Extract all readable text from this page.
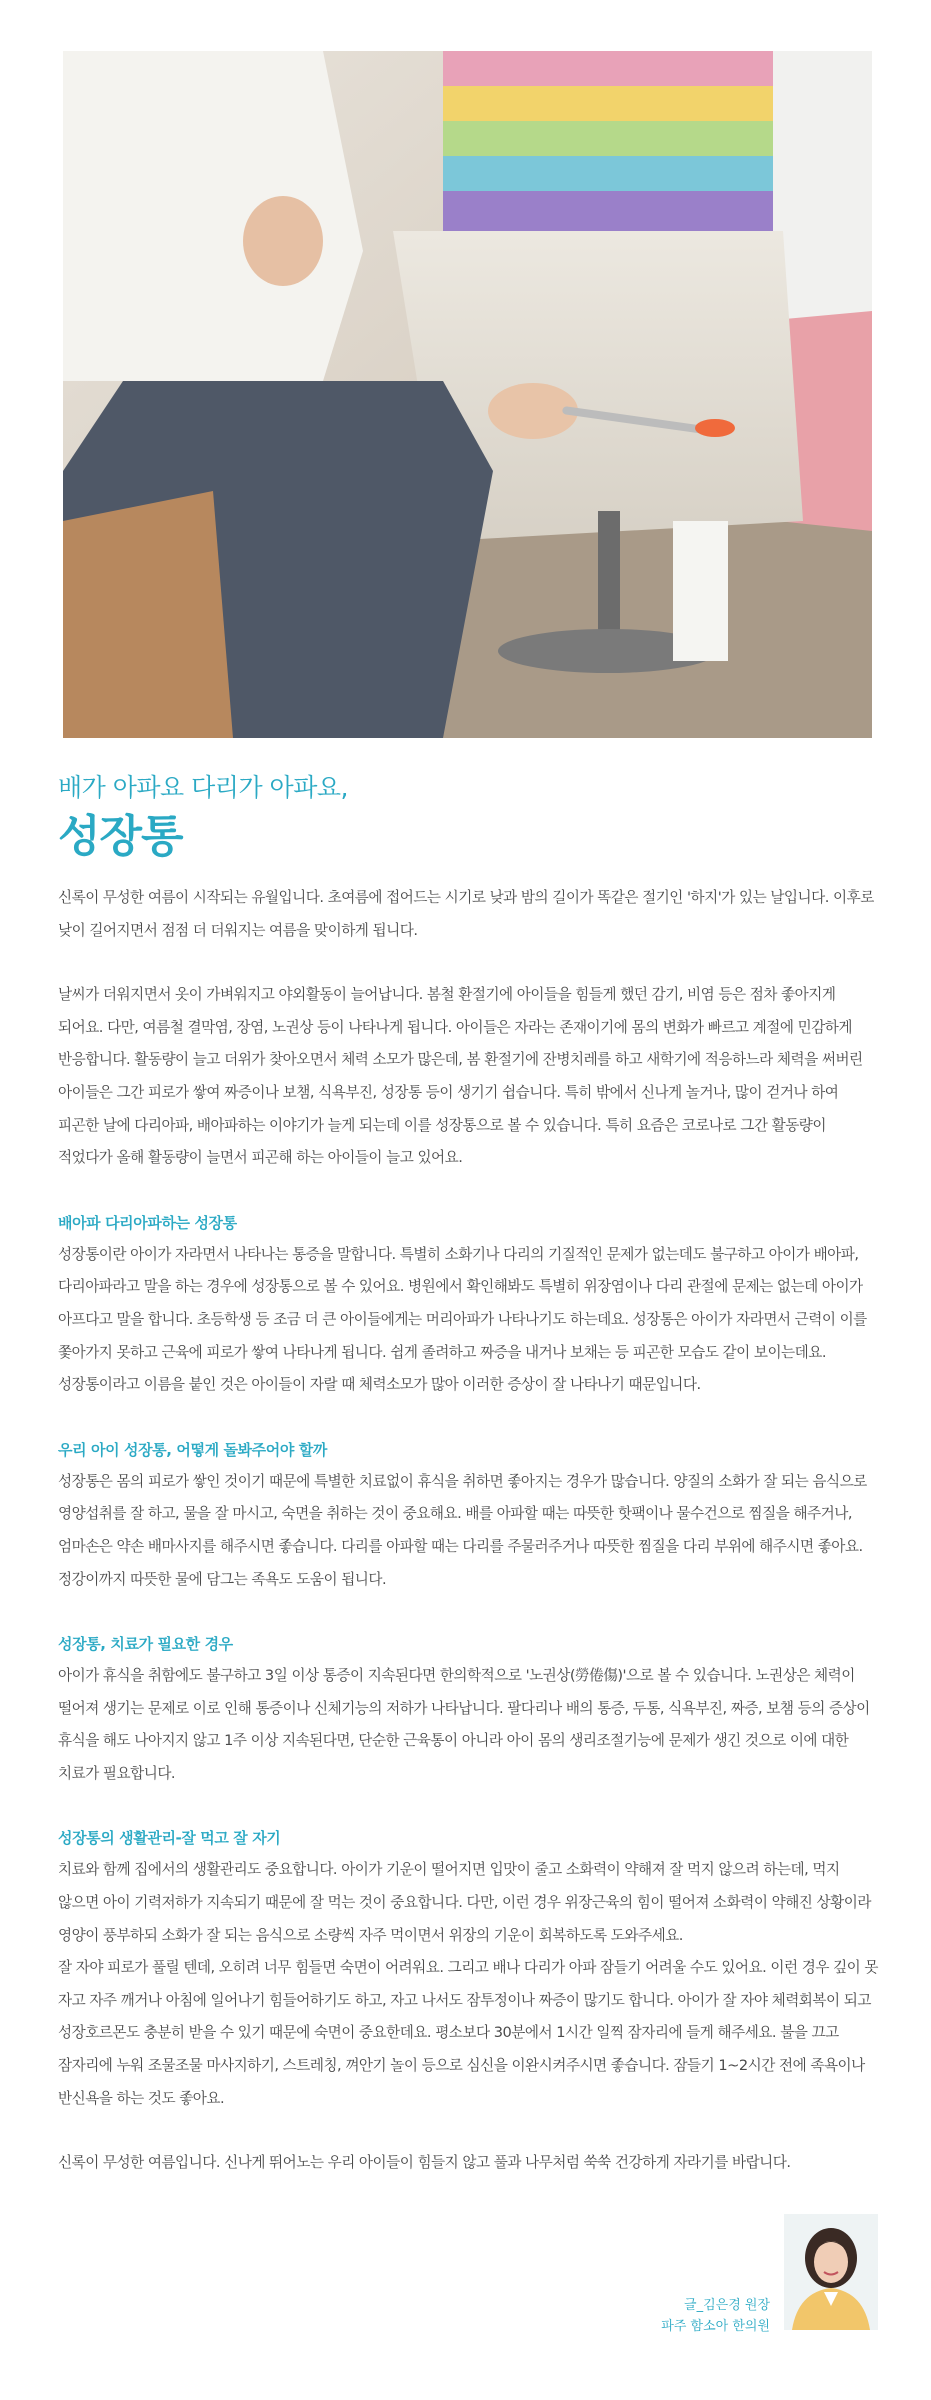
배가 아파요 다리가 아파요,

성장통

신록이 무성한 여름이 시작되는 유월입니다. 초여름에 접어드는 시기로 낮과 밤의 길이가 똑같은 절기인 '하지'가 있는 날입니다. 이후로 낮이 길어지면서 점점 더 더워지는 여름을 맞이하게 됩니다.

날씨가 더워지면서 옷이 가벼워지고 야외활동이 늘어납니다. 봄철 환절기에 아이들을 힘들게 했던 감기, 비염 등은 점차 좋아지게 되어요. 다만, 여름철 결막염, 장염, 노권상 등이 나타나게 됩니다. 아이들은 자라는 존재이기에 몸의 변화가 빠르고 계절에 민감하게 반응합니다. 활동량이 늘고 더위가 찾아오면서 체력 소모가 많은데, 봄 환절기에 잔병치레를 하고 새학기에 적응하느라 체력을 써버린 아이들은 그간 피로가 쌓여 짜증이나 보챔, 식욕부진, 성장통 등이 생기기 쉽습니다. 특히 밖에서 신나게 놀거나, 많이 걷거나 하여 피곤한 날에 다리아파, 배아파하는 이야기가 늘게 되는데 이를 성장통으로 볼 수 있습니다. 특히 요즘은 코로나로 그간 활동량이 적었다가 올해 활동량이 늘면서 피곤해 하는 아이들이 늘고 있어요.

배아파 다리아파하는 성장통

성장통이란 아이가 자라면서 나타나는 통증을 말합니다. 특별히 소화기나 다리의 기질적인 문제가 없는데도 불구하고 아이가 배아파, 다리아파라고 말을 하는 경우에 성장통으로 볼 수 있어요. 병원에서 확인해봐도 특별히 위장염이나 다리 관절에 문제는 없는데 아이가 아프다고 말을 합니다. 초등학생 등 조금 더 큰 아이들에게는 머리아파가 나타나기도 하는데요. 성장통은 아이가 자라면서 근력이 이를 쫓아가지 못하고 근육에 피로가 쌓여 나타나게 됩니다. 쉽게 졸려하고 짜증을 내거나 보채는 등 피곤한 모습도 같이 보이는데요. 성장통이라고 이름을 붙인 것은 아이들이 자랄 때 체력소모가 많아 이러한 증상이 잘 나타나기 때문입니다.

우리 아이 성장통, 어떻게 돌봐주어야 할까

성장통은 몸의 피로가 쌓인 것이기 때문에 특별한 치료없이 휴식을 취하면 좋아지는 경우가 많습니다. 양질의 소화가 잘 되는 음식으로 영양섭취를 잘 하고, 물을 잘 마시고, 숙면을 취하는 것이 중요해요. 배를 아파할 때는 따뜻한 핫팩이나 물수건으로 찜질을 해주거나, 엄마손은 약손 배마사지를 해주시면 좋습니다. 다리를 아파할 때는 다리를 주물러주거나 따뜻한 찜질을 다리 부위에 해주시면 좋아요. 정강이까지 따뜻한 물에 담그는 족욕도 도움이 됩니다.

성장통, 치료가 필요한 경우

아이가 휴식을 취함에도 불구하고 3일 이상 통증이 지속된다면 한의학적으로 '노권상(勞倦傷)'으로 볼 수 있습니다. 노권상은 체력이 떨어져 생기는 문제로 이로 인해 통증이나 신체기능의 저하가 나타납니다. 팔다리나 배의 통증, 두통, 식욕부진, 짜증, 보챔 등의 증상이 휴식을 해도 나아지지 않고 1주 이상 지속된다면, 단순한 근육통이 아니라 아이 몸의 생리조절기능에 문제가 생긴 것으로 이에 대한 치료가 필요합니다.

성장통의 생활관리-잘 먹고 잘 자기

치료와 함께 집에서의 생활관리도 중요합니다. 아이가 기운이 떨어지면 입맛이 줄고 소화력이 약해져 잘 먹지 않으려 하는데, 먹지 않으면 아이 기력저하가 지속되기 때문에 잘 먹는 것이 중요합니다. 다만, 이런 경우 위장근육의 힘이 떨어져 소화력이 약해진 상황이라 영양이 풍부하되 소화가 잘 되는 음식으로 소량씩 자주 먹이면서 위장의 기운이 회복하도록 도와주세요.

잘 자야 피로가 풀릴 텐데, 오히려 너무 힘들면 숙면이 어려워요. 그리고 배나 다리가 아파 잠들기 어려울 수도 있어요. 이런 경우 깊이 못 자고 자주 깨거나 아침에 일어나기 힘들어하기도 하고, 자고 나서도 잠투정이나 짜증이 많기도 합니다. 아이가 잘 자야 체력회복이 되고 성장호르몬도 충분히 받을 수 있기 때문에 숙면이 중요한데요. 평소보다 30분에서 1시간 일찍 잠자리에 들게 해주세요. 불을 끄고 잠자리에 누워 조물조물 마사지하기, 스트레칭, 껴안기 놀이 등으로 심신을 이완시켜주시면 좋습니다. 잠들기 1~2시간 전에 족욕이나 반신욕을 하는 것도 좋아요.

신록이 무성한 여름입니다. 신나게 뛰어노는 우리 아이들이 힘들지 않고 풀과 나무처럼 쑥쑥 건강하게 자라기를 바랍니다.

글_김은경 원장

파주 함소아 한의원
